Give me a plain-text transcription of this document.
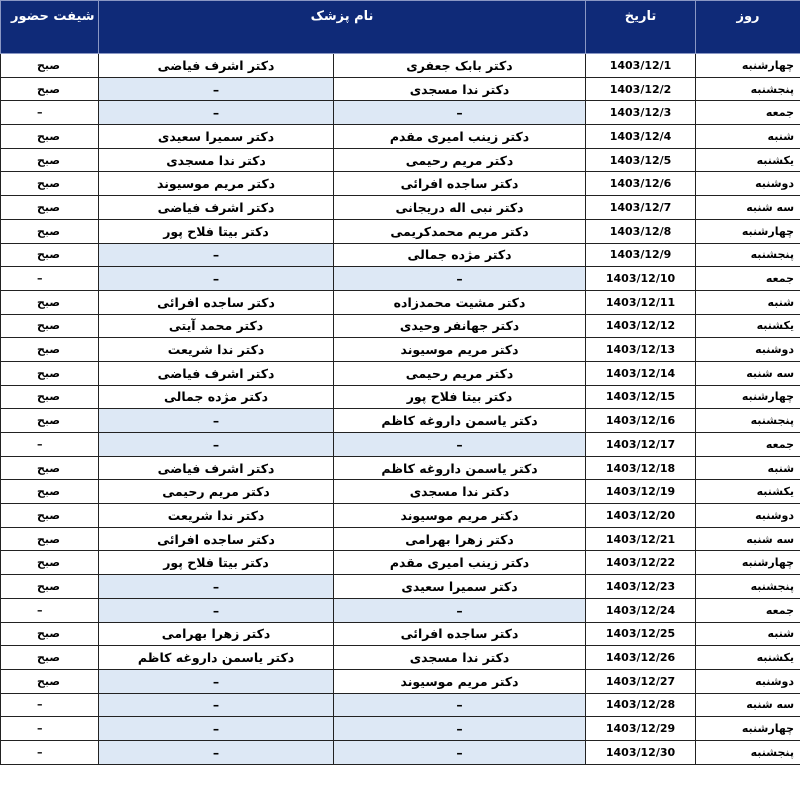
روز	تاریخ	نام پزشک		شیفت حضور
چهارشنبه	1403/12/1	دکتر بابک جعفری	دکتر اشرف فیاضی	صبح
پنجشنبه	1403/12/2	دکتر ندا مسجدی	–	صبح
جمعه	1403/12/3	–	–	–
شنبه	1403/12/4	دکتر زینب امیری مقدم	دکتر سمیرا سعیدی	صبح
یکشنبه	1403/12/5	دکتر مریم رحیمی	دکتر ندا مسجدی	صبح
دوشنبه	1403/12/6	دکتر ساجده افرائی	دکتر مریم موسیوند	صبح
سه شنبه	1403/12/7	دکتر نبی اله دریجانی	دکتر اشرف فیاضی	صبح
چهارشنبه	1403/12/8	دکتر مریم محمدکریمی	دکتر بیتا فلاح پور	صبح
پنجشنبه	1403/12/9	دکتر مژده جمالی	–	صبح
جمعه	1403/12/10	–	–	–
شنبه	1403/12/11	دکتر مشیت محمدزاده	دکتر ساجده افرائی	صبح
یکشنبه	1403/12/12	دکتر جهانفر وحیدی	دکتر محمد آیتی	صبح
دوشنبه	1403/12/13	دکتر مریم موسیوند	دکتر ندا شریعت	صبح
سه شنبه	1403/12/14	دکتر مریم رحیمی	دکتر اشرف فیاضی	صبح
چهارشنبه	1403/12/15	دکتر بیتا فلاح پور	دکتر مژده جمالی	صبح
پنجشنبه	1403/12/16	دکتر یاسمن داروغه کاظم	–	صبح
جمعه	1403/12/17	–	–	–
شنبه	1403/12/18	دکتر یاسمن داروغه کاظم	دکتر اشرف فیاضی	صبح
یکشنبه	1403/12/19	دکتر ندا مسجدی	دکتر مریم رحیمی	صبح
دوشنبه	1403/12/20	دکتر مریم موسیوند	دکتر ندا شریعت	صبح
سه شنبه	1403/12/21	دکتر زهرا بهرامی	دکتر ساجده افرائی	صبح
چهارشنبه	1403/12/22	دکتر زینب امیری مقدم	دکتر بیتا فلاح پور	صبح
پنجشنبه	1403/12/23	دکتر سمیرا سعیدی	–	صبح
جمعه	1403/12/24	–	–	–
شنبه	1403/12/25	دکتر ساجده افرائی	دکتر زهرا بهرامی	صبح
یکشنبه	1403/12/26	دکتر ندا مسجدی	دکتر یاسمن داروغه کاظم	صبح
دوشنبه	1403/12/27	دکتر مریم موسیوند	–	صبح
سه شنبه	1403/12/28	–	–	–
چهارشنبه	1403/12/29	–	–	–
پنجشنبه	1403/12/30	–	–	–
